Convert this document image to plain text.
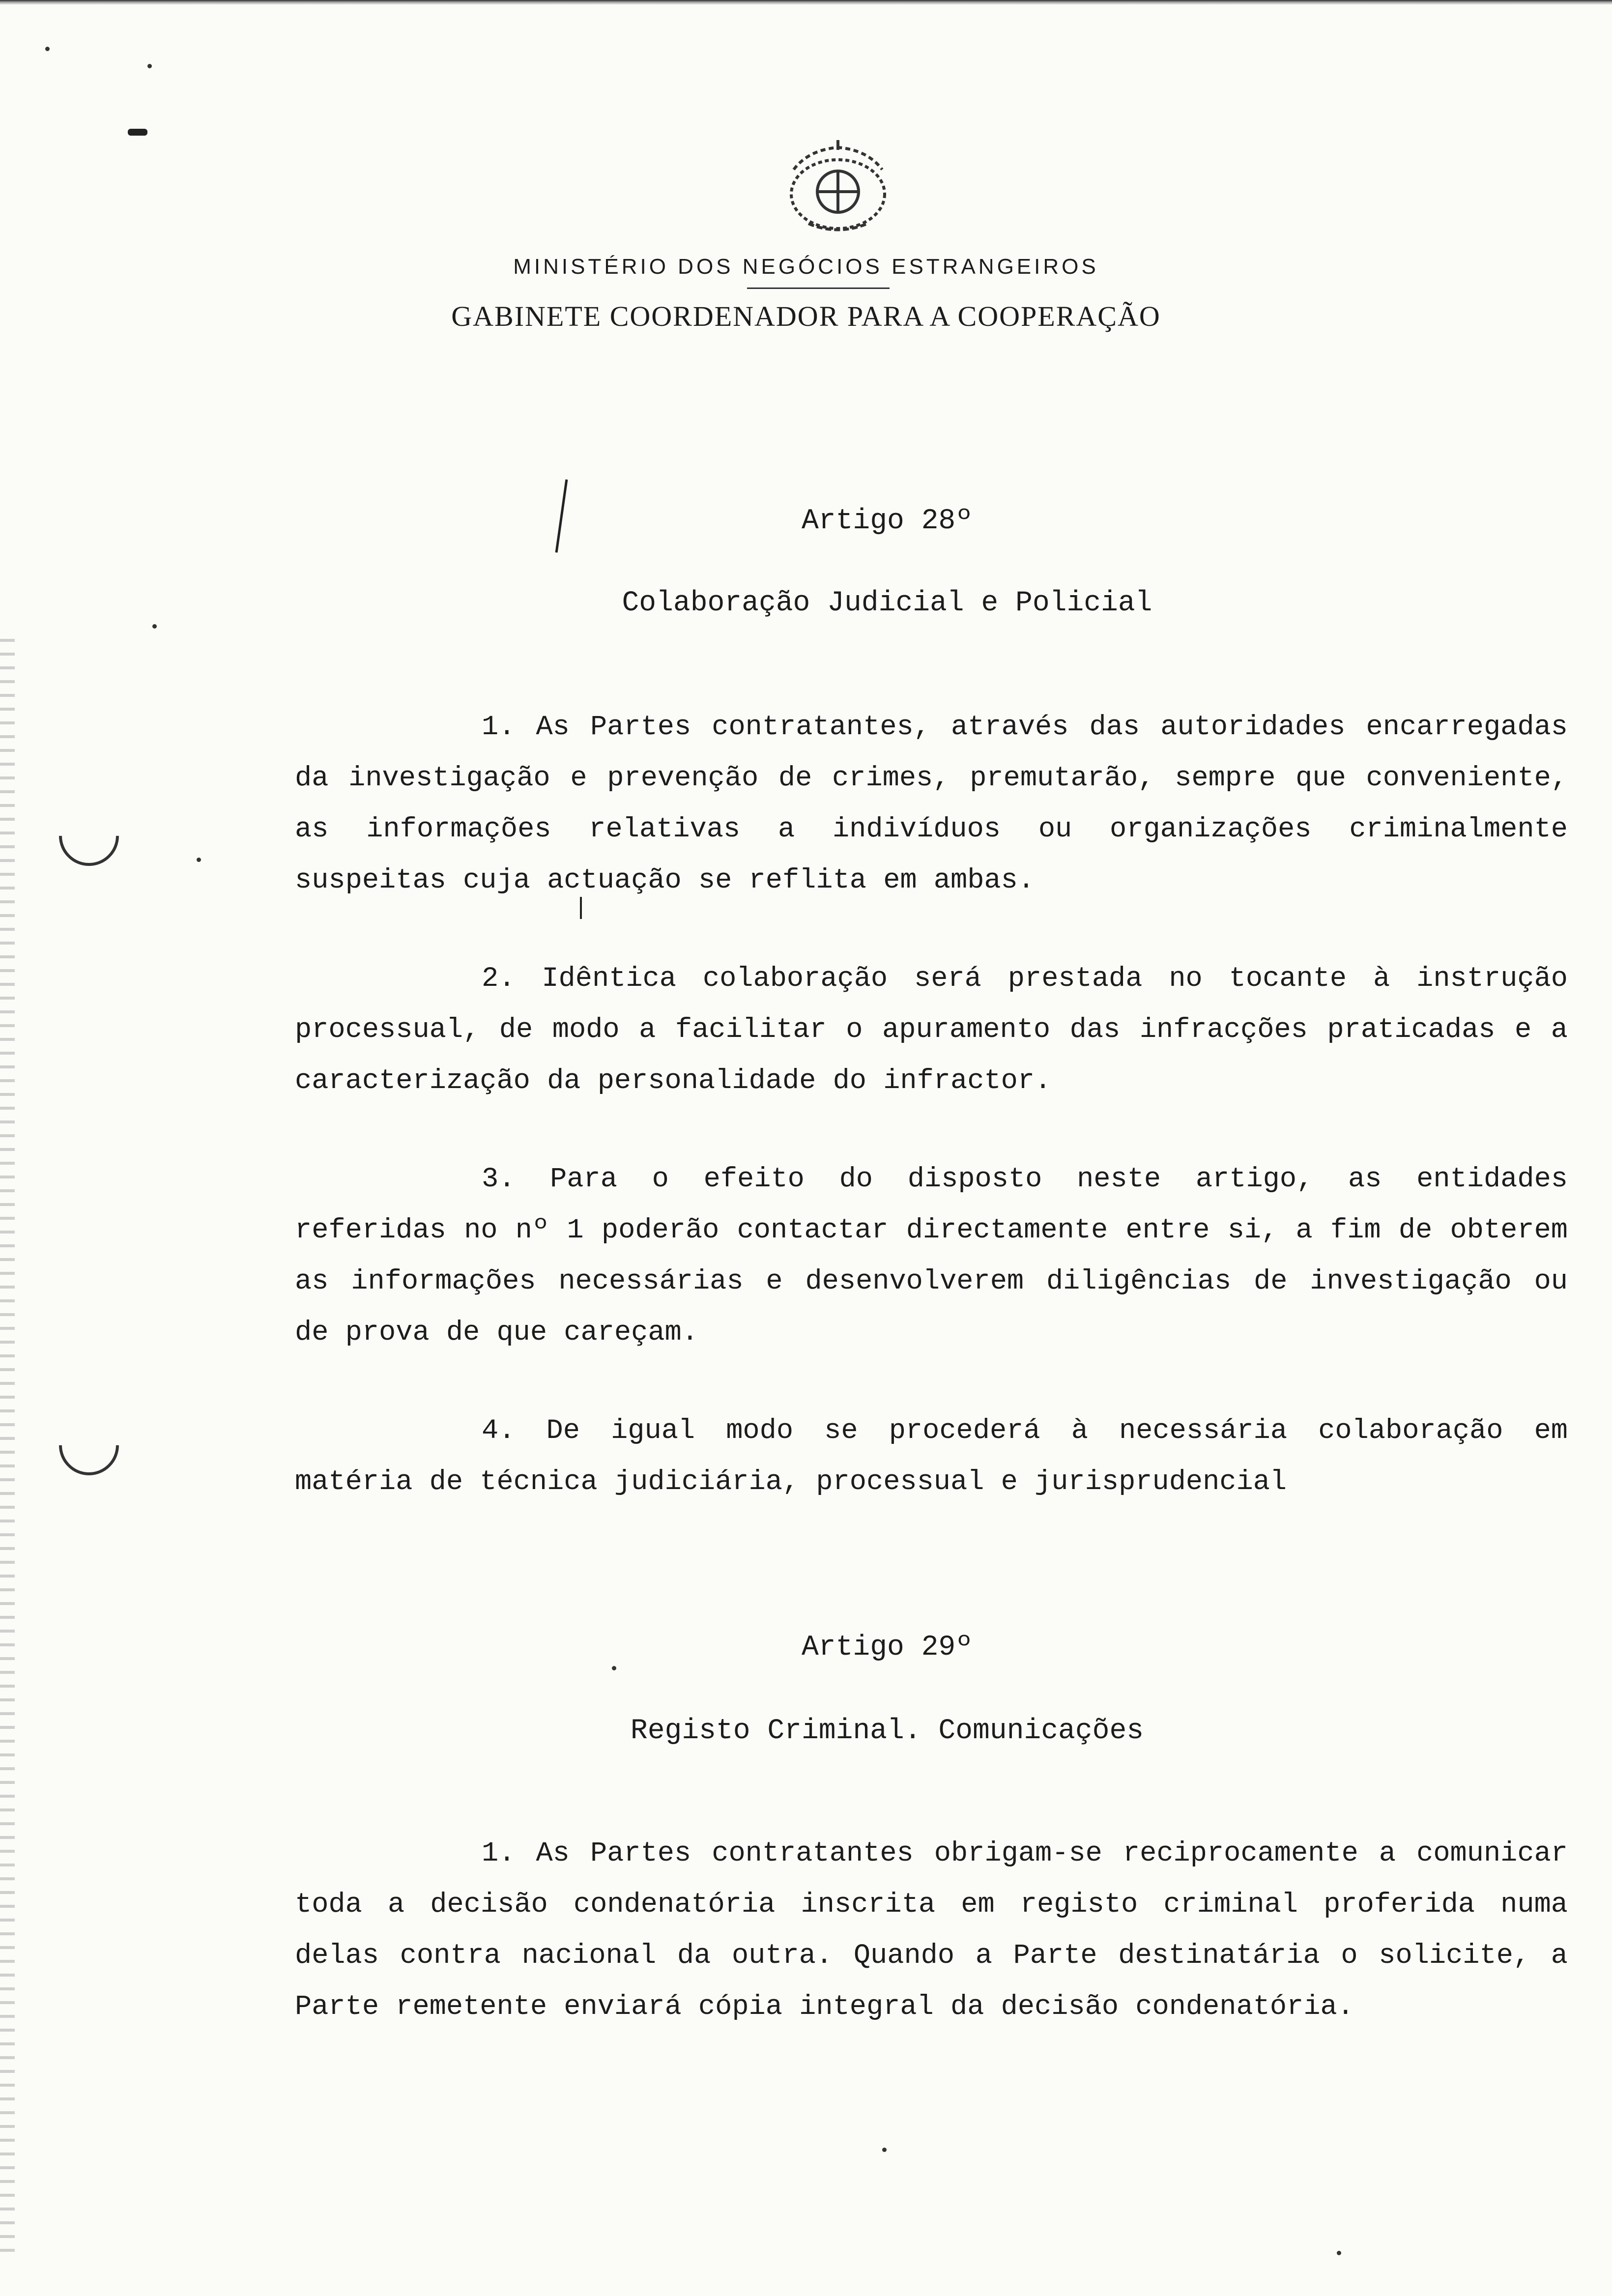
MINISTÉRIO DOS NEGÓCIOS ESTRANGEIROS
GABINETE COORDENADOR PARA A COOPERAÇÃO
Artigo 28º
Colaboração Judicial e Policial

1. As Partes contratantes, através das autoridades encarregadas da investigação e prevenção de crimes, premutarão, sempre que conveniente, as informações relativas a indivíduos ou organizações criminalmente suspeitas cuja actuação se reflita em ambas.

2. Idêntica colaboração será prestada no tocante à instrução processual, de modo a facilitar o apuramento das infracções praticadas e a caracterização da personalidade do infractor.

3. Para o efeito do disposto neste artigo, as entidades referidas no nº 1 poderão contactar directamente entre si, a fim de obterem as informações necessárias e desenvolverem diligências de investigação ou de prova de que careçam.

4. De igual modo se procederá à necessária colaboração em matéria de técnica judiciária, processual e jurisprudencial

Artigo 29º
Registo Criminal. Comunicações

1. As Partes contratantes obrigam-se reciprocamente a comunicar toda a decisão condenatória inscrita em registo criminal proferida numa delas contra nacional da outra. Quando a Parte destinatária o solicite, a Parte remetente enviará cópia integral da decisão condenatória.
